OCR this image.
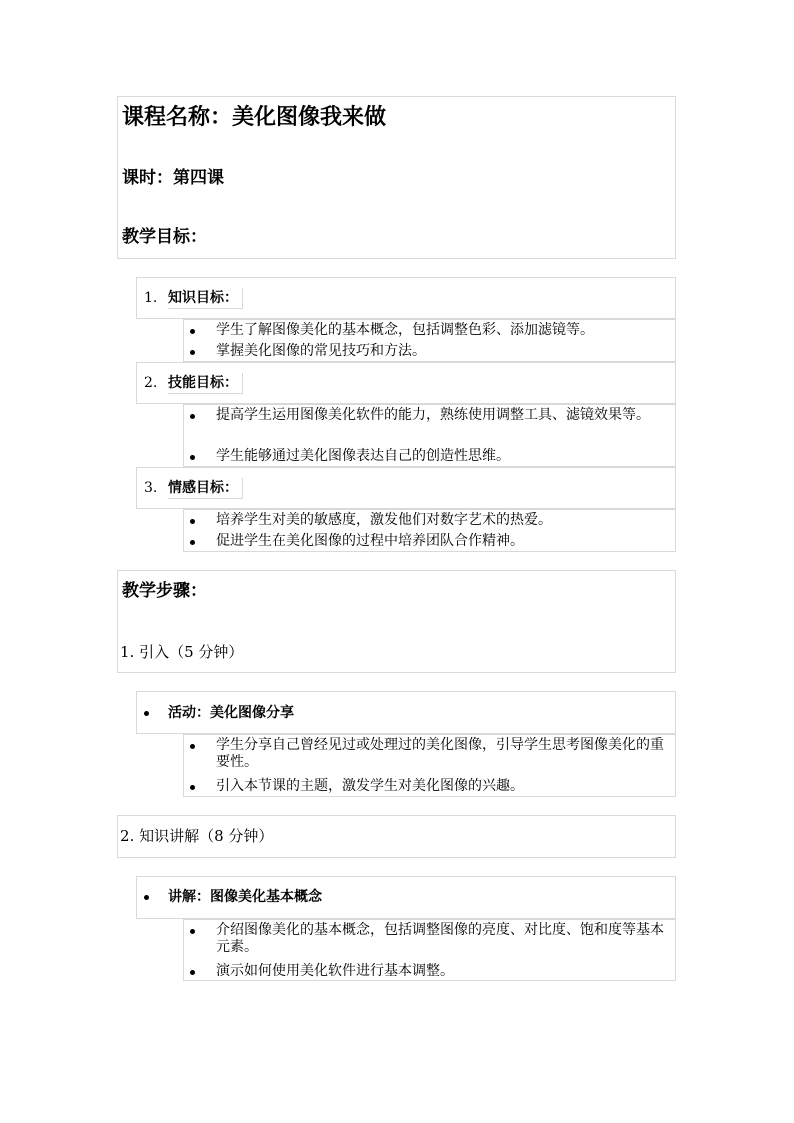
课程名称：美化图像我来做
课时：第四课
教学目标：
1. 知识目标：
学生了解图像美化的基本概念，包括调整色彩、添加滤镜等。
掌握美化图像的常见技巧和方法。
2. 技能目标：
提高学生运用图像美化软件的能力，熟练使用调整工具、滤镜效果等。
学生能够通过美化图像表达自己的创造性思维。
3. 情感目标：
培养学生对美的敏感度，激发他们对数字艺术的热爱。
促进学生在美化图像的过程中培养团队合作精神。
教学步骤：
1. 引入（5 分钟）
活动：美化图像分享
学生分享自己曾经见过或处理过的美化图像，引导学生思考图像美化的重要性。
引入本节课的主题，激发学生对美化图像的兴趣。
2. 知识讲解（8 分钟）
讲解：图像美化基本概念
介绍图像美化的基本概念，包括调整图像的亮度、对比度、饱和度等基本元素。
演示如何使用美化软件进行基本调整。
